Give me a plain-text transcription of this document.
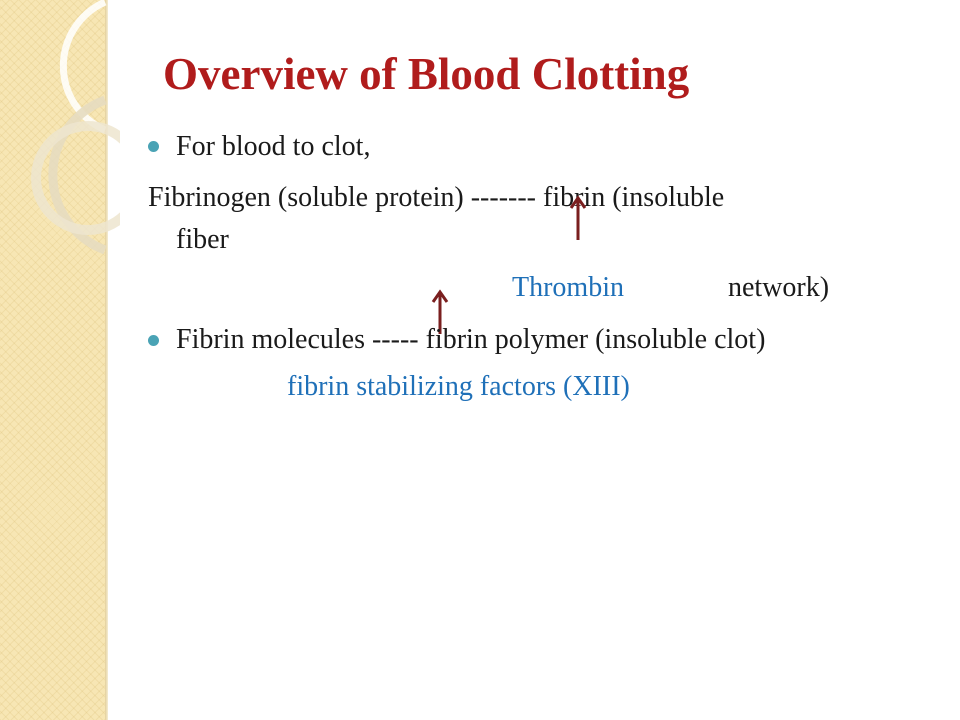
Overview of Blood Clotting
For blood to clot,
Fibrinogen (soluble protein) ------- fibrin (insoluble
fiber
Thrombin	network)
Fibrin molecules ----- fibrin polymer (insoluble clot)
fibrin stabilizing factors (XIII)
